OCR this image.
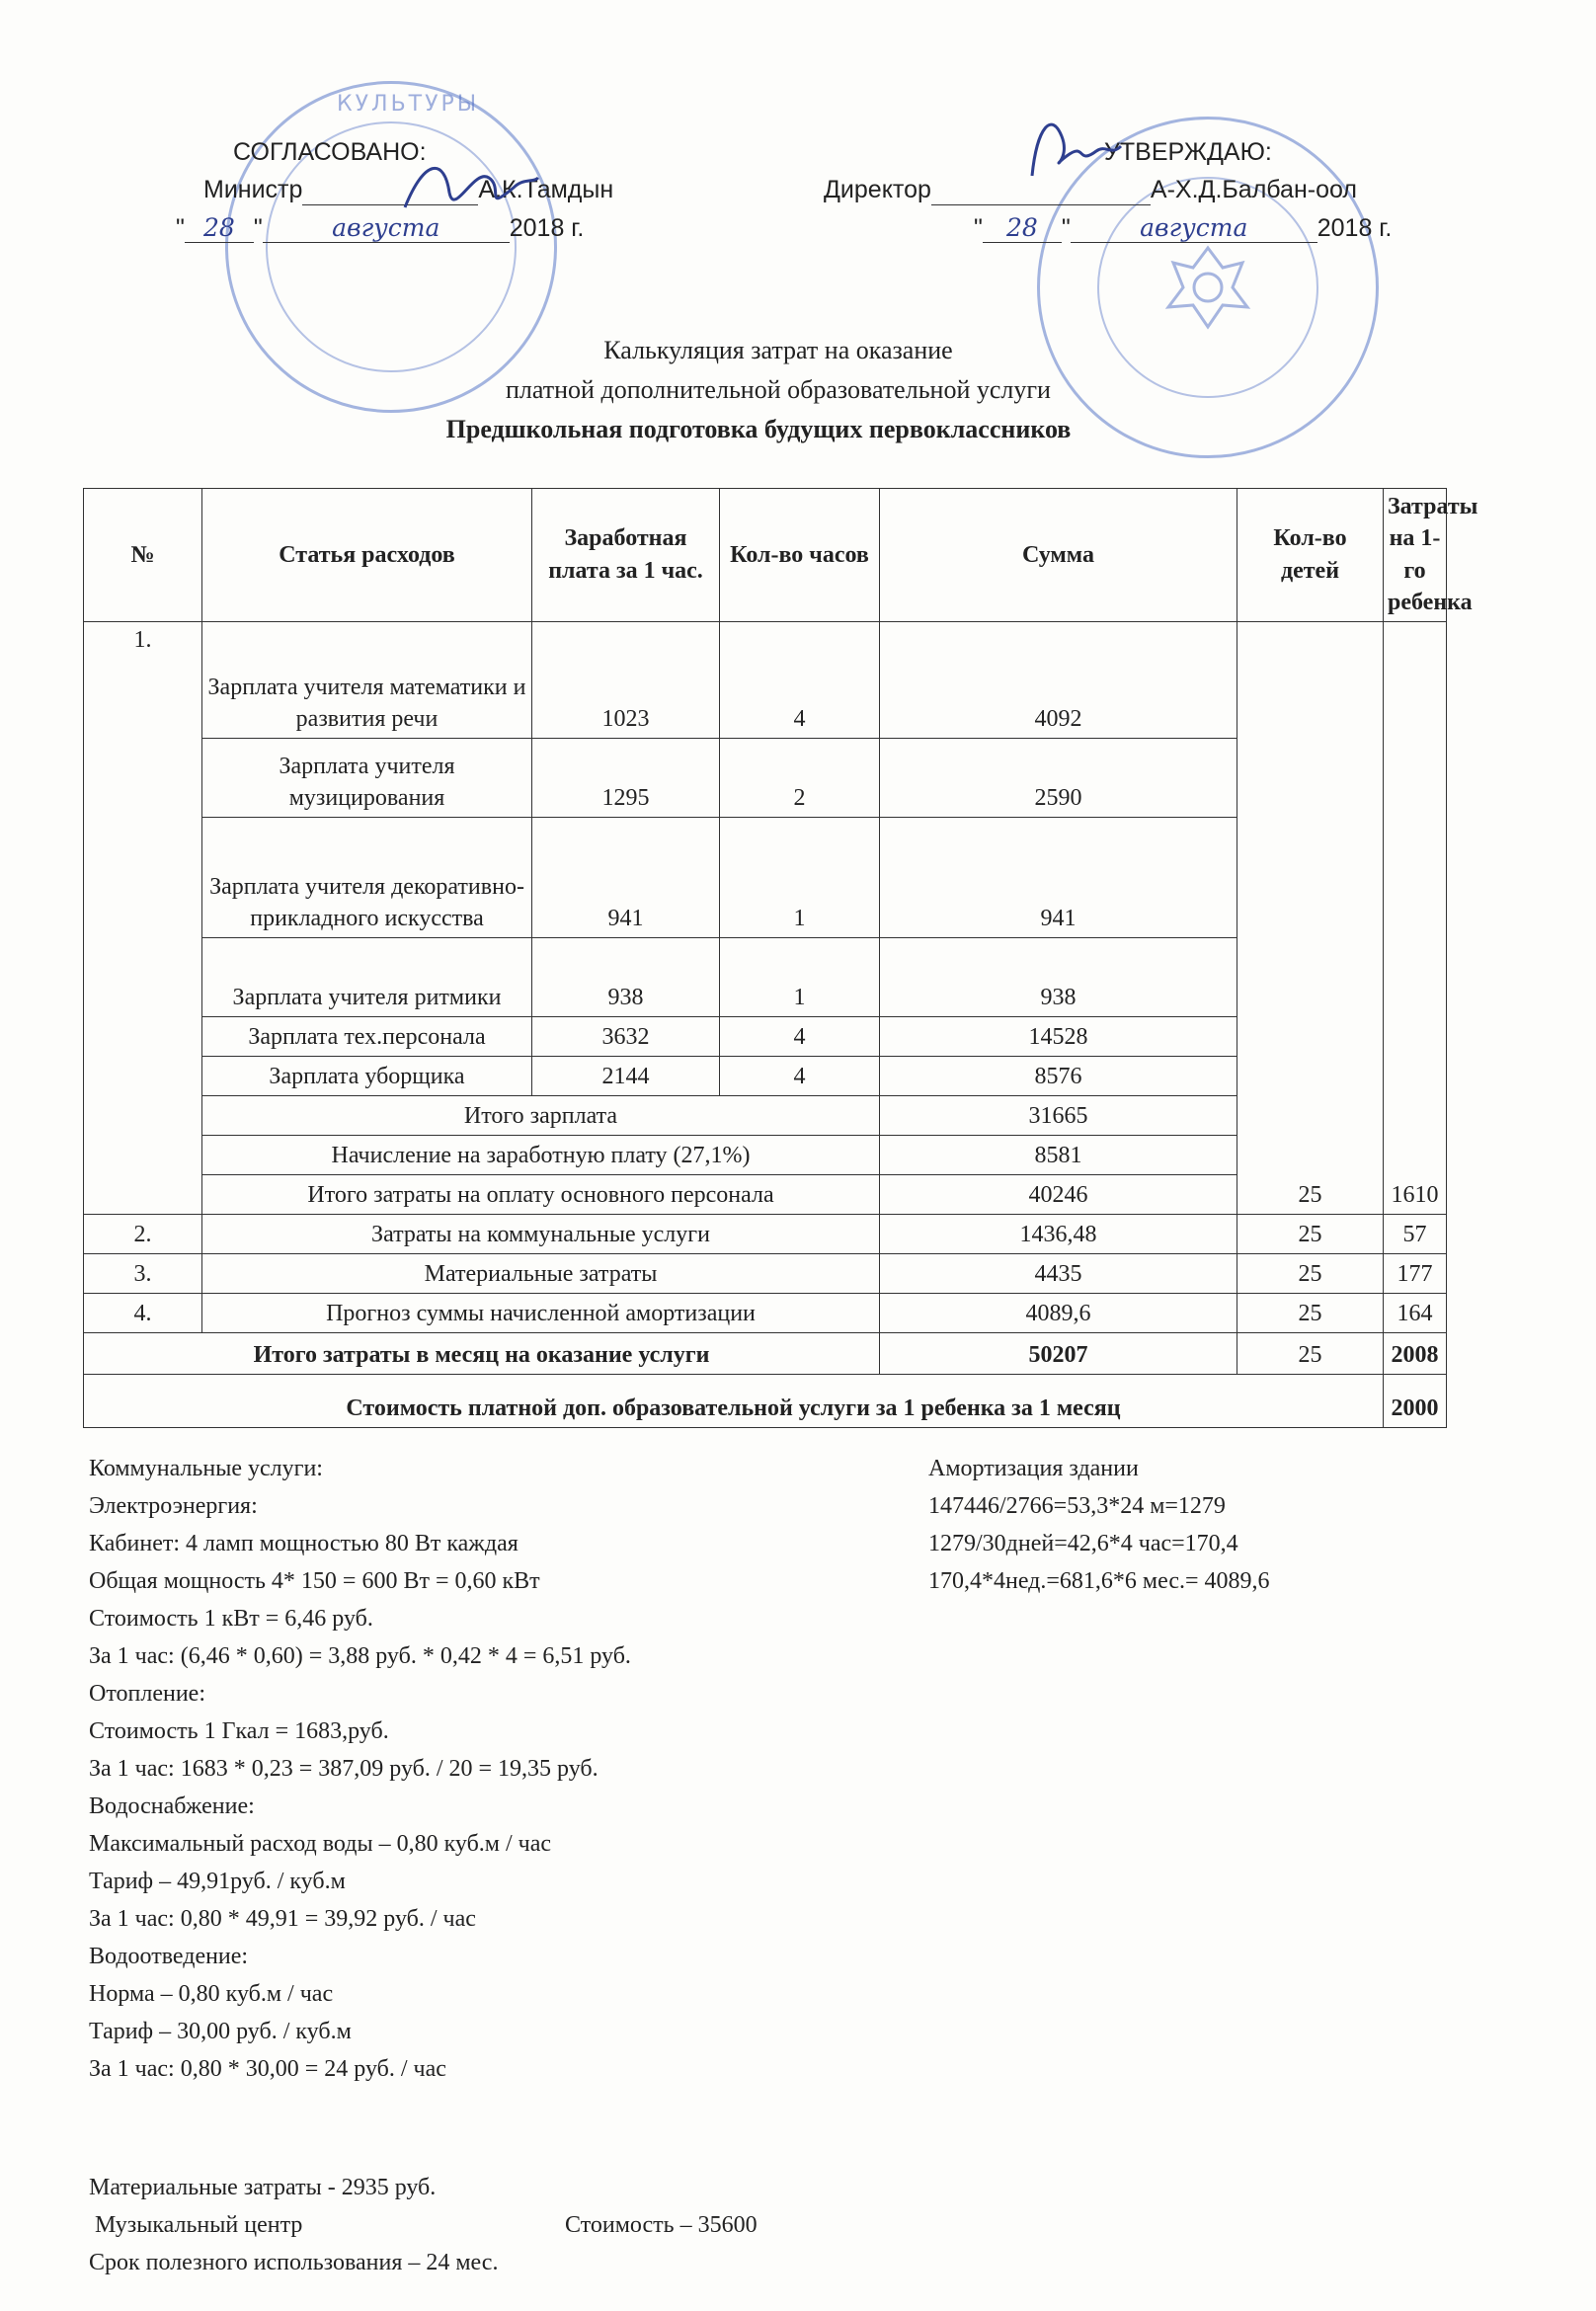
КУЛЬТУРЫ
СОГЛАСОВАНО:
Министр	А.К.Тамдын
" 28 "	августа	2018 г.
УТВЕРЖДАЮ:
Директор	А-Х.Д.Балбан-оол
" 28 "	августа	2018 г.
Калькуляция затрат на оказание
платной дополнительной образовательной услуги
Предшкольная подготовка будущих первоклассников
№	Статья расходов	Заработная плата за 1 час.	Кол-во часов	Сумма	Кол-во детей	Затраты на 1-го ребенка
1.	Зарплата учителя математики и развития речи	1023	4	4092	25	1610
	Зарплата учителя музицирования	1295	2	2590		
	Зарплата учителя декоративно-прикладного искусства	941	1	941		
	Зарплата учителя ритмики	938	1	938		
	Зарплата тех.персонала	3632	4	14528		
	Зарплата уборщика	2144	4	8576		
	Итого зарплата			31665		
	Начисление на заработную плату (27,1%)			8581		
	Итого затраты на оплату основного персонала			40246		
2.	Затраты на коммунальные услуги			1436,48	25	57
3.	Материальные затраты			4435	25	177
4.	Прогноз суммы начисленной амортизации			4089,6	25	164
Итого затраты в месяц на оказание услуги				50207	25	2008
Стоимость платной доп. образовательной услуги за 1 ребенка за 1 месяц						2000
Коммунальные услуги:
Электроэнергия:
Кабинет: 4 ламп мощностью 80 Вт каждая
Общая мощность 4* 150 = 600 Вт = 0,60 кВт
Стоимость 1 кВт = 6,46 руб.
За 1 час: (6,46 * 0,60) = 3,88 руб. * 0,42 * 4 = 6,51 руб.
Отопление:
Стоимость 1 Гкал = 1683,руб.
За 1 час: 1683 * 0,23 = 387,09 руб. / 20 = 19,35 руб.
Водоснабжение:
Максимальный расход воды – 0,80 куб.м / час
Тариф – 49,91руб. / куб.м
За 1 час: 0,80 * 49,91 = 39,92 руб. / час
Водоотведение:
Норма – 0,80 куб.м / час
Тариф – 30,00 руб. / куб.м
За 1 час: 0,80 * 30,00 = 24 руб. / час
Амортизация здании
147446/2766=53,3*24 м=1279
1279/30дней=42,6*4 час=170,4
170,4*4нед.=681,6*6 мес.= 4089,6
Материальные затраты - 2935 руб.
Музыкальный центр	Стоимость – 35600
Срок полезного использования – 24 мес.
